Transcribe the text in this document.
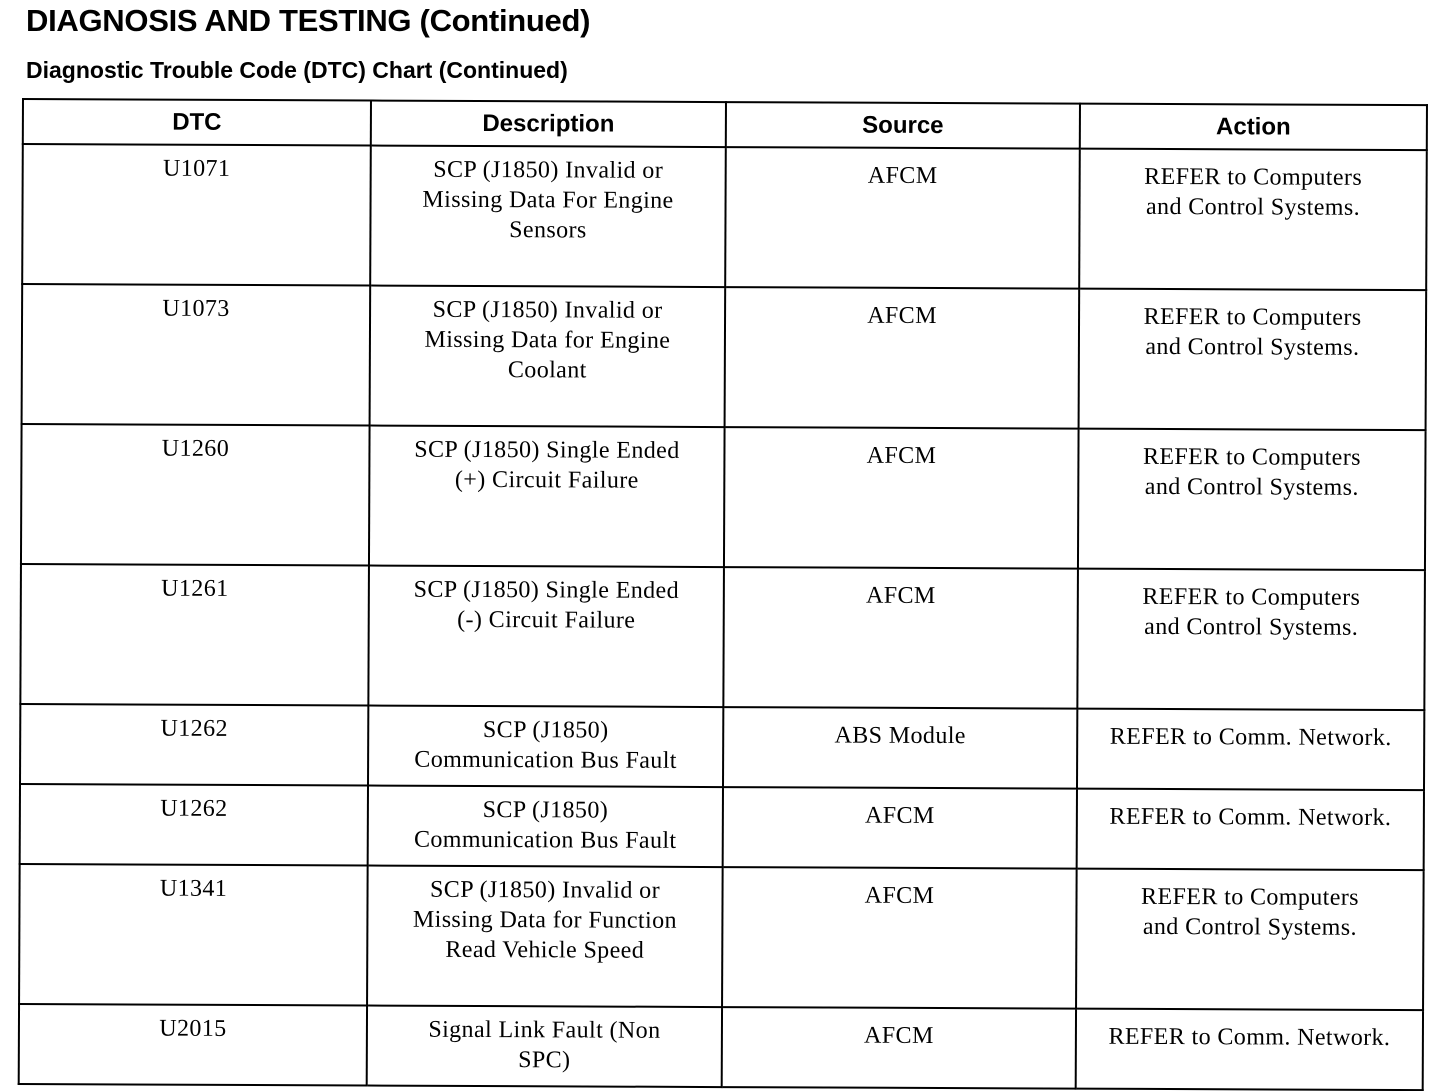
DIAGNOSIS AND TESTING (Continued)
Diagnostic Trouble Code (DTC) Chart (Continued)
DTC	Description	Source	Action
U1071	SCP (J1850) Invalid or
Missing Data For Engine
Sensors	AFCM	REFER to Computers
and Control Systems.
U1073	SCP (J1850) Invalid or
Missing Data for Engine
Coolant	AFCM	REFER to Computers
and Control Systems.
U1260	SCP (J1850) Single Ended
(+) Circuit Failure	AFCM	REFER to Computers
and Control Systems.
U1261	SCP (J1850) Single Ended
(-) Circuit Failure	AFCM	REFER to Computers
and Control Systems.
U1262	SCP (J1850)
Communication Bus Fault	ABS Module	REFER to Comm. Network.
U1262	SCP (J1850)
Communication Bus Fault	AFCM	REFER to Comm. Network.
U1341	SCP (J1850) Invalid or
Missing Data for Function
Read Vehicle Speed	AFCM	REFER to Computers
and Control Systems.
U2015	Signal Link Fault (Non
SPC)	AFCM	REFER to Comm. Network.
